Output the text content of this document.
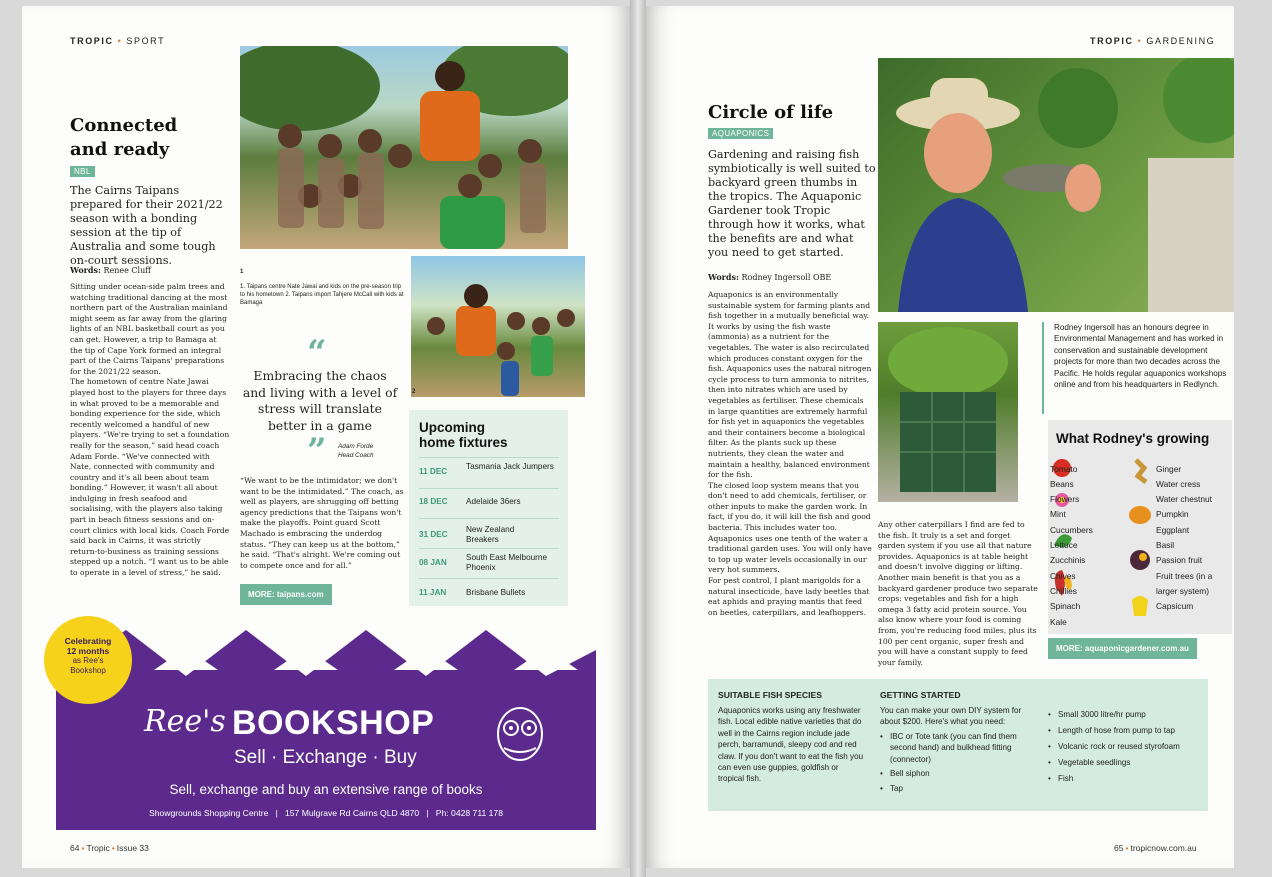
TROPIC • SPORT
Connected
and ready
NBL
The Cairns Taipans prepared for their 2021/22 season with a bonding session at the tip of Australia and some tough on-court sessions.
Words: Renee Cluff

Sitting under ocean-side palm trees and watching traditional dancing at the most northern part of the Australian mainland might seem as far away from the glaring lights of an NBL basketball court as you can get. However, a trip to Bamaga at the tip of Cape York formed an integral part of the Cairns Taipans' preparations for the 2021/22 season.

The hometown of centre Nate Jawai played host to the players for three days in what proved to be a memorable and bonding experience for the side, which recently welcomed a handful of new players. “We're trying to set a foundation really for the season,” said head coach Adam Forde. “We've connected with Nate, connected with community and country and it's all been about team bonding.” However, it wasn't all about indulging in fresh seafood and socialising, with the players also taking part in beach fitness sessions and on-court clinics with local kids. Coach Forde said back in Cairns, it was strictly return-to-business as training sessions stepped up a notch. “I want us to be able to operate in a level of stress,” he said.

1
1. Taipans centre Nate Jawai and kids on the pre-season trip to his hometown 2. Taipans import Tahjere McCall with kids at Bamaga
2
“
Embracing the chaos and living with a level of stress will translate better in a game
” Adam Forde
Head Coach
“We want to be the intimidator; we don't want to be the intimidated.” The coach, as well as players, are shrugging off betting agency predictions that the Taipans won't make the playoffs. Point guard Scott Machado is embracing the underdog status. “They can keep us at the bottom,” he said. “That's alright. We're coming out to compete once and for all.”
MORE: taipans.com
Upcoming
home fixtures
11 DEC
Tasmania Jack Jumpers
18 DEC Adelaide 36ers
31 DEC
New Zealand Breakers
08 JAN
South East Melbourne Phoenix
11 JAN Brisbane Bullets
Ree's BOOKSHOP
Sell · Exchange · Buy
Sell, exchange and buy an extensive range of books
Showgrounds Shopping Centre   |   157 Mulgrave Rd Cairns QLD 4870   |   Ph: 0428 711 178
Celebrating
12 months
as Ree's
Bookshop
64 • Tropic • Issue 33
TROPIC • GARDENING
Circle of life
AQUAPONICS
Gardening and raising fish symbiotically is well suited to backyard green thumbs in the tropics. The Aquaponic Gardener took Tropic through how it works, what the benefits are and what you need to get started.
Words: Rodney Ingersoll OBE

Aquaponics is an environmentally sustainable system for farming plants and fish together in a mutually beneficial way. It works by using the fish waste (ammonia) as a nutrient for the vegetables. The water is also recirculated which produces constant oxygen for the fish. Aquaponics uses the natural nitrogen cycle process to turn ammonia to nitrites, then into nitrates which are used by vegetables as fertiliser. These chemicals in large quantities are extremely harmful for fish yet in aquaponics the vegetables and their containers become a biological filter. As the plants suck up these nutrients, they clean the water and maintain a healthy, balanced environment for the fish.

The closed loop system means that you don't need to add chemicals, fertiliser, or other inputs to make the garden work. In fact, if you do, it will kill the fish and good bacteria. This includes water too. Aquaponics uses one tenth of the water a traditional garden uses. You will only have to top up water levels occasionally in our very hot summers.

For pest control, I plant marigolds for a natural insecticide, have lady beetles that eat aphids and praying mantis that feed on beetles, caterpillars, and leafhoppers.

Rodney Ingersoll has an honours degree in Environmental Management and has worked in conservation and sustainable development projects for more than two decades across the Pacific. He holds regular aquaponics workshops online and from his headquarters in Redlynch.
Any other caterpillars I find are fed to the fish. It truly is a set and forget garden system if you use all that nature provides. Aquaponics is at table height and doesn't involve digging or lifting. Another main benefit is that you as a backyard gardener produce two separate crops: vegetables and fish for a high omega 3 fatty acid protein source. You also know where your food is coming from, you're reducing food miles, plus its 100 per cent organic, super fresh and you will have a constant supply to feed your family.
What Rodney's growing
Tomato
Beans
Flowers
Mint
Cucumbers
Lettuce
Zucchinis
Chives
Chillies
Spinach
Kale
Ginger
Water cress
Water chestnut
Pumpkin
Eggplant
Basil
Passion fruit
Fruit trees (in a
larger system)
Capsicum
MORE: aquaponicgardener.com.au
SUITABLE FISH SPECIES
Aquaponics works using any freshwater fish. Local edible native varieties that do well in the Cairns region include jade perch, barramundi, sleepy cod and red claw. If you don't want to eat the fish you can even use guppies, goldfish or tropical fish.
GETTING STARTED
You can make your own DIY system for about $200. Here's what you need:
• IBC or Tote tank (you can find them second hand) and bulkhead fitting (connector)
• Bell siphon
• Tap
• Small 3000 litre/hr pump
• Length of hose from pump to tap
• Volcanic rock or reused styrofoam
• Vegetable seedlings
• Fish
65 • tropicnow.com.au
